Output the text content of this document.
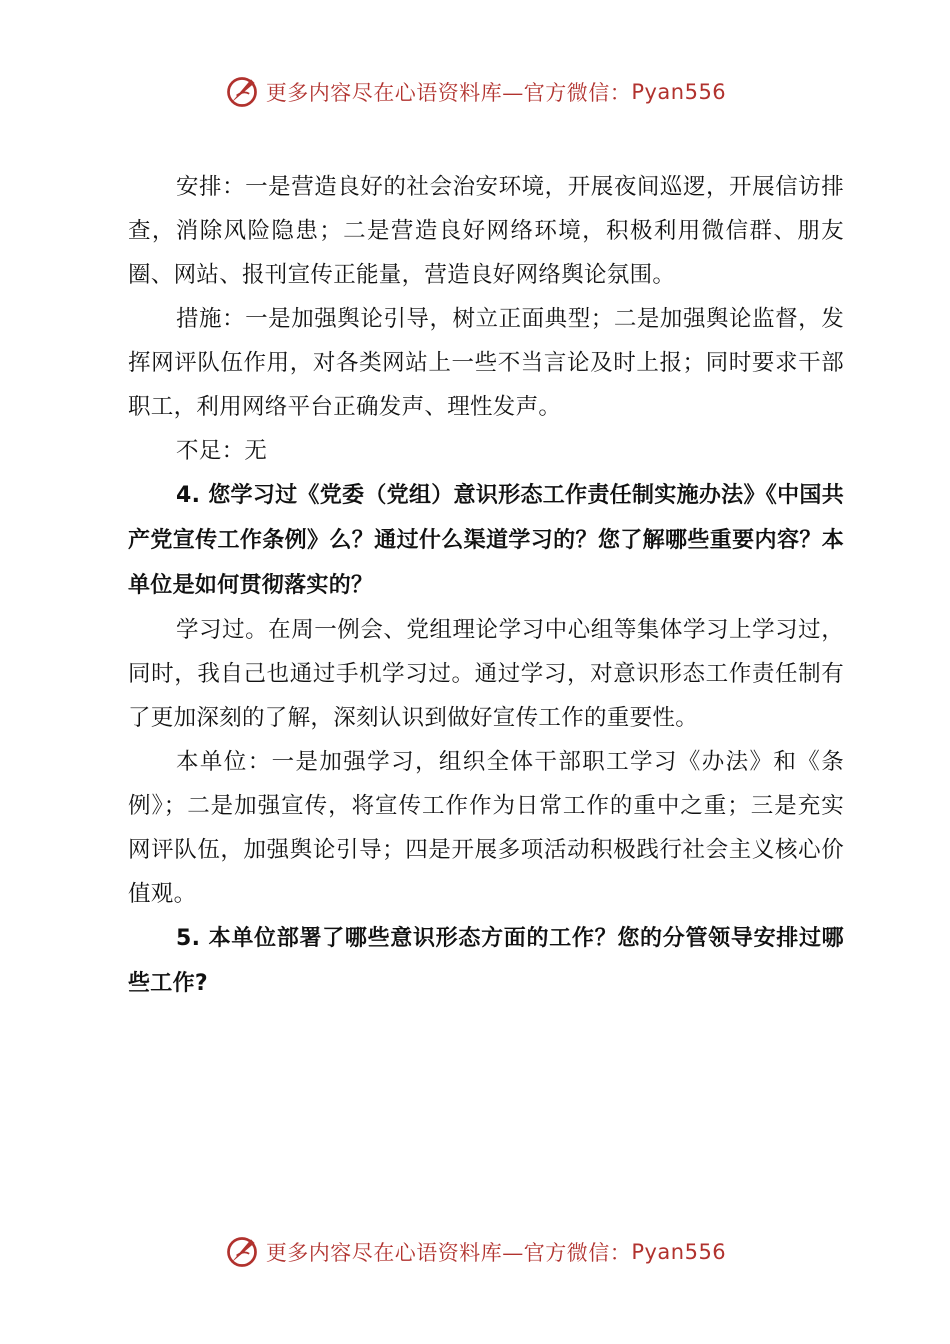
更多内容尽在心语资料库—官方微信： Pyan556

安排：一是营造良好的社会治安环境，开展夜间巡逻，开展信访排查，消除风险隐患；二是营造良好网络环境，积极利用微信群、朋友圈、网站、报刊宣传正能量，营造良好网络舆论氛围。

措施：一是加强舆论引导，树立正面典型；二是加强舆论监督，发挥网评队伍作用，对各类网站上一些不当言论及时上报；同时要求干部职工，利用网络平台正确发声、理性发声。

不足：无

4. 您学习过《党委（党组）意识形态工作责任制实施办法》《中国共产党宣传工作条例》么？通过什么渠道学习的？您了解哪些重要内容？本单位是如何贯彻落实的？

学习过。在周一例会、党组理论学习中心组等集体学习上学习过，同时，我自己也通过手机学习过。通过学习，对意识形态工作责任制有了更加深刻的了解，深刻认识到做好宣传工作的重要性。

本单位：一是加强学习，组织全体干部职工学习《办法》和《条例》；二是加强宣传，将宣传工作作为日常工作的重中之重；三是充实网评队伍，加强舆论引导；四是开展多项活动积极践行社会主义核心价值观。

5. 本单位部署了哪些意识形态方面的工作？您的分管领导安排过哪些工作?

更多内容尽在心语资料库—官方微信： Pyan556
